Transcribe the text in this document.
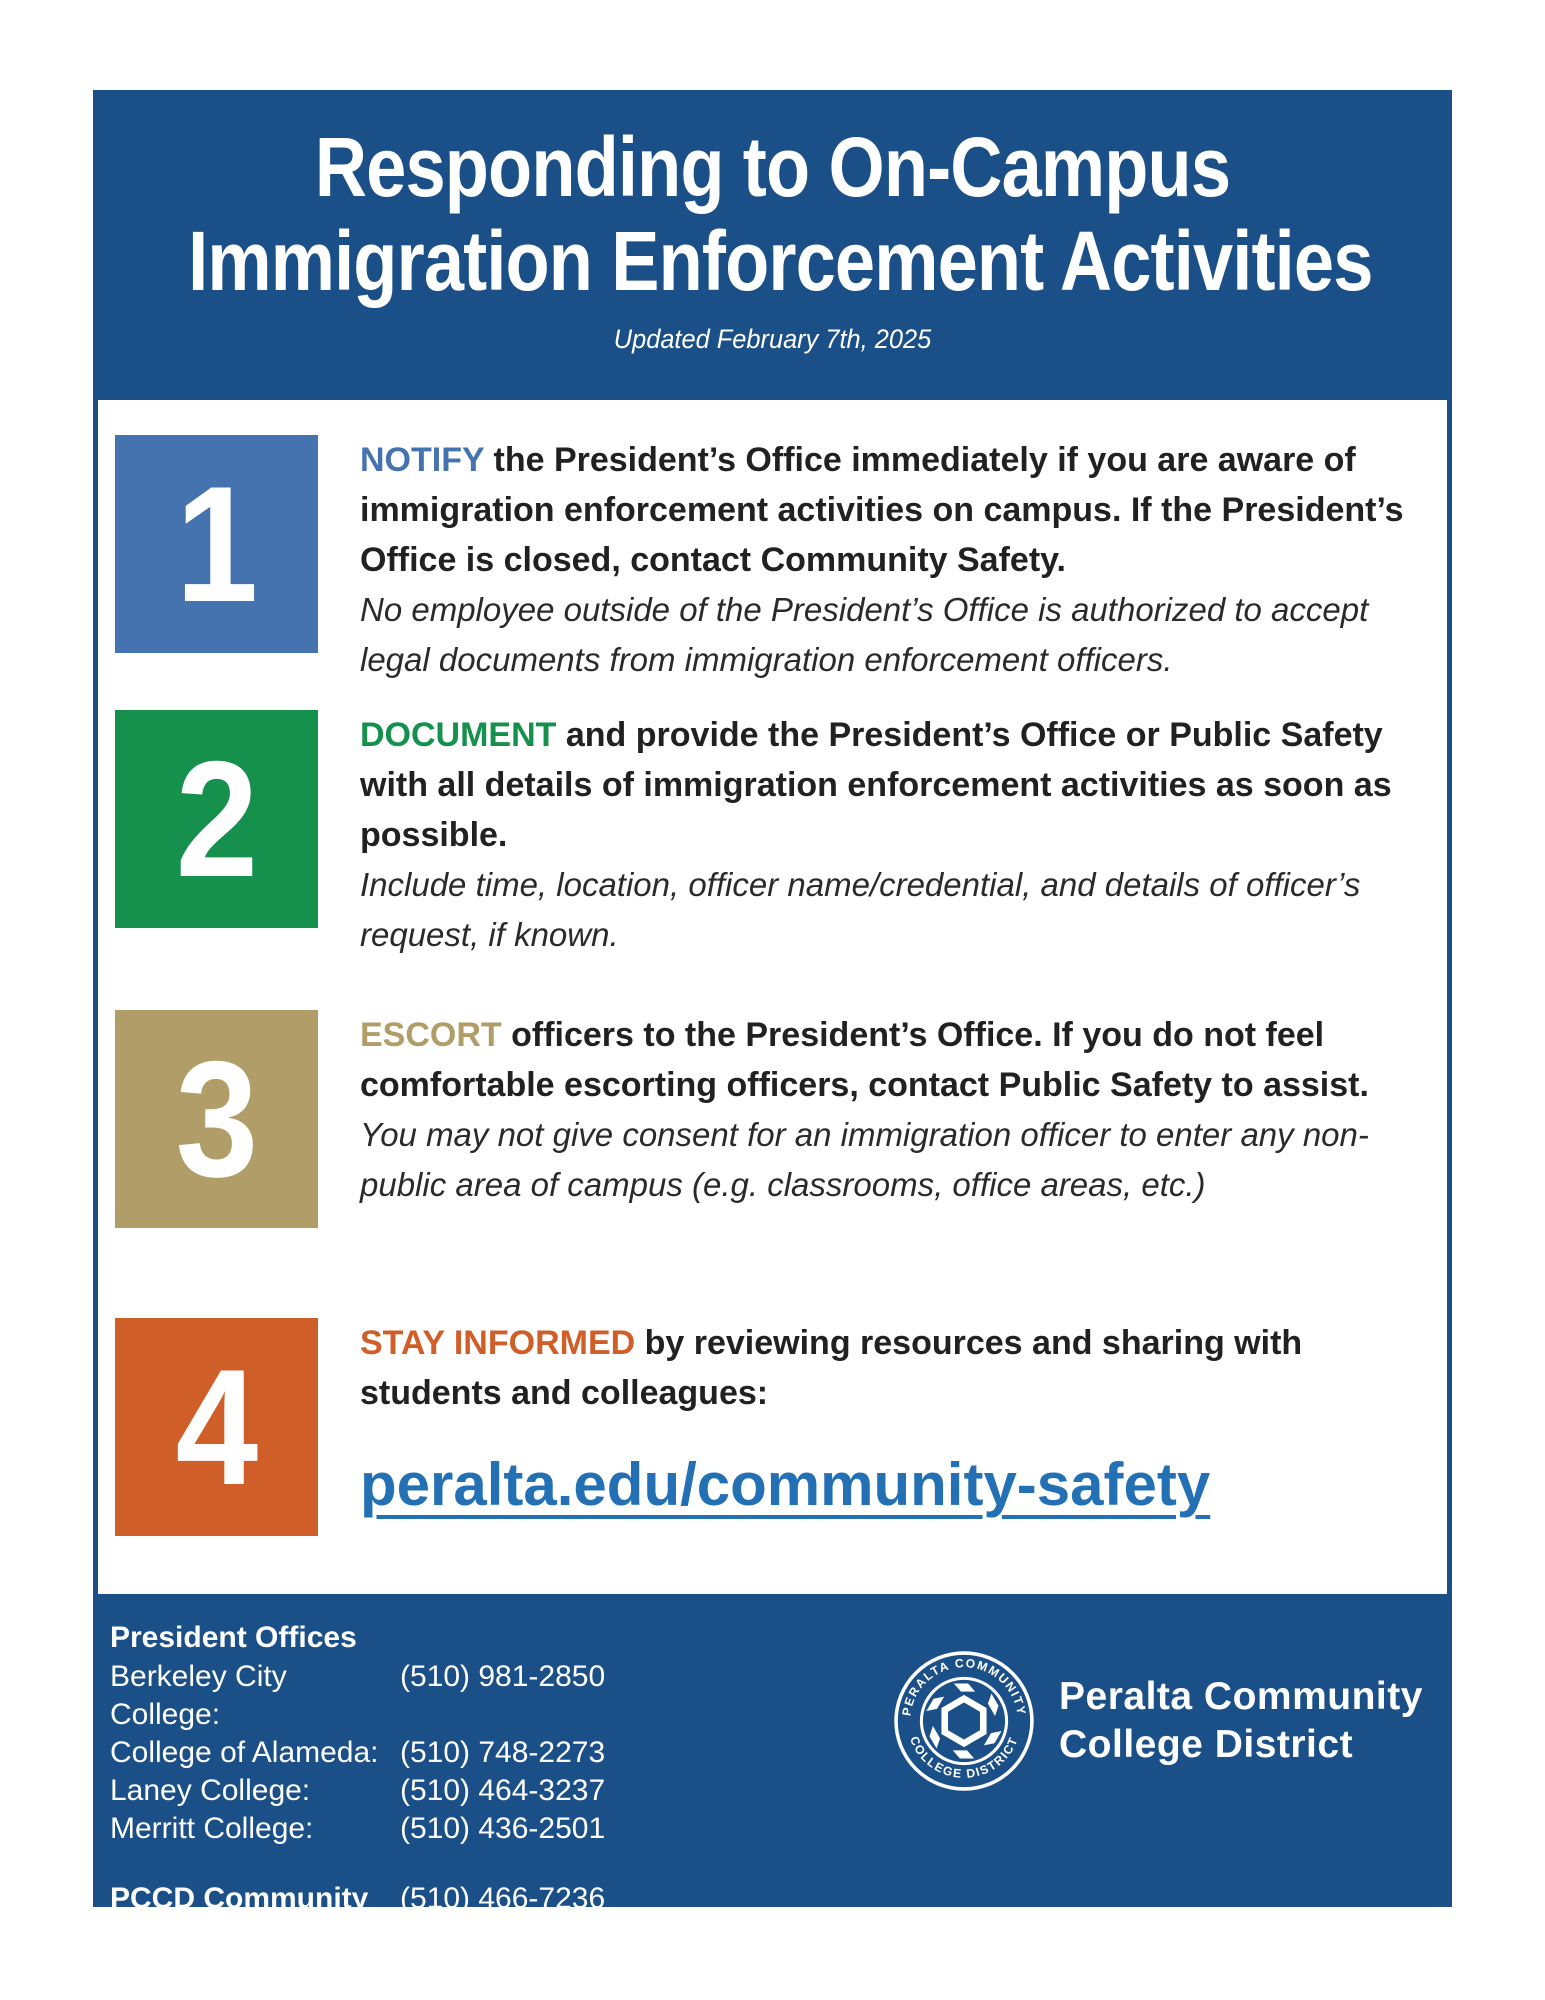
Responding to On-Campus
Immigration Enforcement Activities
Updated February 7th, 2025
1	NOTIFY the President’s Office immediately if you are aware of immigration enforcement activities on campus. If the President’s Office is closed, contact Community Safety.

No employee outside of the President’s Office is authorized to accept legal documents from immigration enforcement officers.

2	DOCUMENT and provide the President’s Office or Public Safety with all details of immigration enforcement activities as soon as possible.

Include time, location, officer name/credential, and details of officer’s request, if known.

3	ESCORT officers to the President’s Office. If you do not feel comfortable escorting officers, contact Public Safety to assist.

You may not give consent for an immigration officer to enter any non-public area of campus (e.g. classrooms, office areas, etc.)

4	STAY INFORMED by reviewing resources and sharing with students and colleagues:

peralta.edu/community-safety
President Offices
Berkeley City College:
(510) 981-2850
College of Alameda: (510) 748-2273
Laney College:	(510) 464-3237
Merritt College:	(510) 436-2501
PCCD Community Safety:
(510) 466-7236
Chancellor’s Office : (510) 466-7322
PERALTA COMMUNITY
COLLEGE DISTRICT
Peralta Community
College District
